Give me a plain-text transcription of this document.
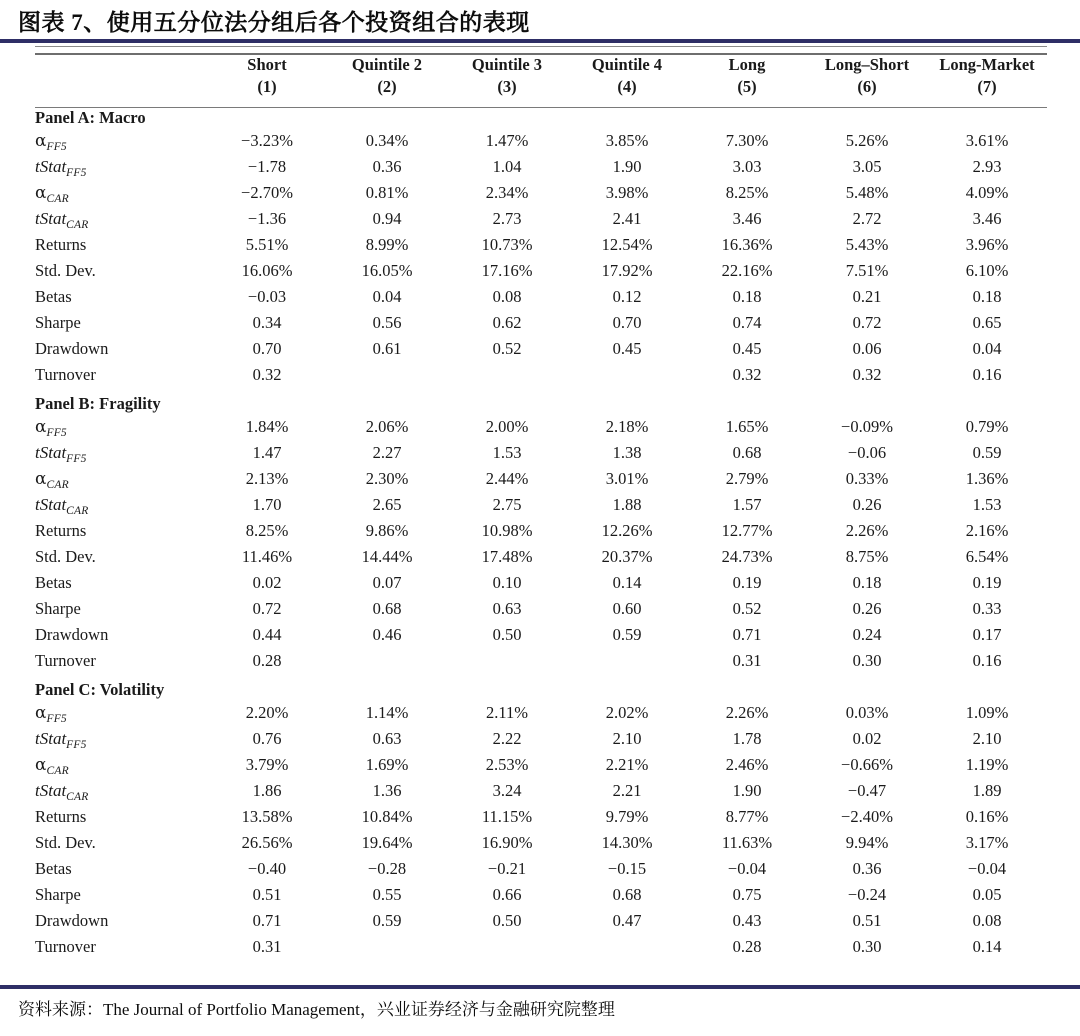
图表 7、使用五分位法分组后各个投资组合的表现

	Short	Quintile 2	Quintile 3	Quintile 4	Long	Long–Short	Long-Market
	(1)	(2)	(3)	(4)	(5)	(6)	(7)

Panel A: Macro							
$\alpha_{FF5}$	−3.23%	0.34%	1.47%	3.85%	7.30%	5.26%	3.61%
tStat$_{FF5}$	−1.78	0.36	1.04	1.90	3.03	3.05	2.93
$\alpha_{CAR}$	−2.70%	0.81%	2.34%	3.98%	8.25%	5.48%	4.09%
tStat$_{CAR}$	−1.36	0.94	2.73	2.41	3.46	2.72	3.46
Returns	5.51%	8.99%	10.73%	12.54%	16.36%	5.43%	3.96%
Std. Dev.	16.06%	16.05%	17.16%	17.92%	22.16%	7.51%	6.10%
Betas	−0.03	0.04	0.08	0.12	0.18	0.21	0.18
Sharpe	0.34	0.56	0.62	0.70	0.74	0.72	0.65
Drawdown	0.70	0.61	0.52	0.45	0.45	0.06	0.04
Turnover	0.32				0.32	0.32	0.16

Panel B: Fragility							
$\alpha_{FF5}$	1.84%	2.06%	2.00%	2.18%	1.65%	−0.09%	0.79%
tStat$_{FF5}$	1.47	2.27	1.53	1.38	0.68	−0.06	0.59
$\alpha_{CAR}$	2.13%	2.30%	2.44%	3.01%	2.79%	0.33%	1.36%
tStat$_{CAR}$	1.70	2.65	2.75	1.88	1.57	0.26	1.53
Returns	8.25%	9.86%	10.98%	12.26%	12.77%	2.26%	2.16%
Std. Dev.	11.46%	14.44%	17.48%	20.37%	24.73%	8.75%	6.54%
Betas	0.02	0.07	0.10	0.14	0.19	0.18	0.19
Sharpe	0.72	0.68	0.63	0.60	0.52	0.26	0.33
Drawdown	0.44	0.46	0.50	0.59	0.71	0.24	0.17
Turnover	0.28				0.31	0.30	0.16

Panel C: Volatility							
$\alpha_{FF5}$	2.20%	1.14%	2.11%	2.02%	2.26%	0.03%	1.09%
tStat$_{FF5}$	0.76	0.63	2.22	2.10	1.78	0.02	2.10
$\alpha_{CAR}$	3.79%	1.69%	2.53%	2.21%	2.46%	−0.66%	1.19%
tStat$_{CAR}$	1.86	1.36	3.24	2.21	1.90	−0.47	1.89
Returns	13.58%	10.84%	11.15%	9.79%	8.77%	−2.40%	0.16%
Std. Dev.	26.56%	19.64%	16.90%	14.30%	11.63%	9.94%	3.17%
Betas	−0.40	−0.28	−0.21	−0.15	−0.04	0.36	−0.04
Sharpe	0.51	0.55	0.66	0.68	0.75	−0.24	0.05
Drawdown	0.71	0.59	0.50	0.47	0.43	0.51	0.08
Turnover	0.31				0.28	0.30	0.14
资料来源：The Journal of Portfolio Management，兴业证券经济与金融研究院整理
